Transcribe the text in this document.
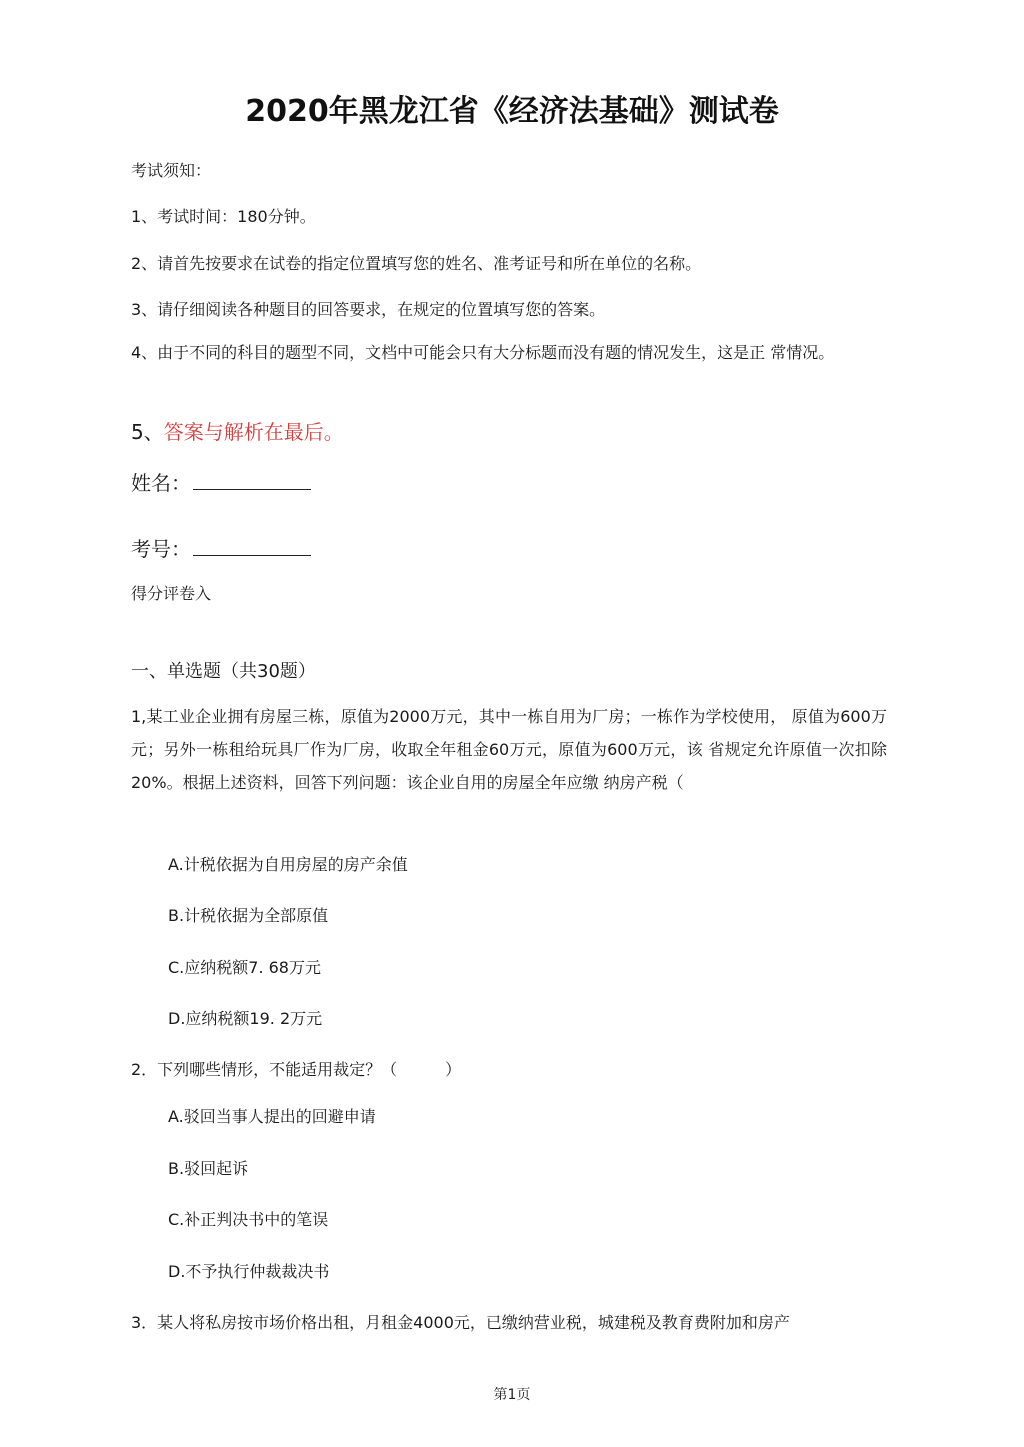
2020年黑龙江省《经济法基础》测试卷
考试须知：
1、考试时间：180分钟。
2、请首先按要求在试卷的指定位置填写您的姓名、准考证号和所在单位的名称。
3、请仔细阅读各种题目的回答要求，在规定的位置填写您的答案。
4、由于不同的科目的题型不同，文档中可能会只有大分标题而没有题的情况发生，这是正 常情况。
5、答案与解析在最后。
姓名：
考号：
得分评卷入
一、单选题（共30题）
1,某工业企业拥有房屋三栋，原值为2000万元，其中一栋自用为厂房；一栋作为学校使用， 原值为600万元；另外一栋租给玩具厂作为厂房，收取全年租金60万元，原值为600万元，该 省规定允许原值一次扣除20%。根据上述资料，回答下列问题：该企业自用的房屋全年应缴 纳房产税（
A.计税依据为自用房屋的房产余值
B.计税依据为全部原值
C.应纳税额7. 68万元
D.应纳税额19. 2万元
2．下列哪些情形，不能适用裁定？（　　　）
A.驳回当事人提出的回避申请
B.驳回起诉
C.补正判决书中的笔误
D.不予执行仲裁裁决书
3．某人将私房按市场价格出租，月租金4000元，已缴纳营业税，城建税及教育费附加和房产
第1页
